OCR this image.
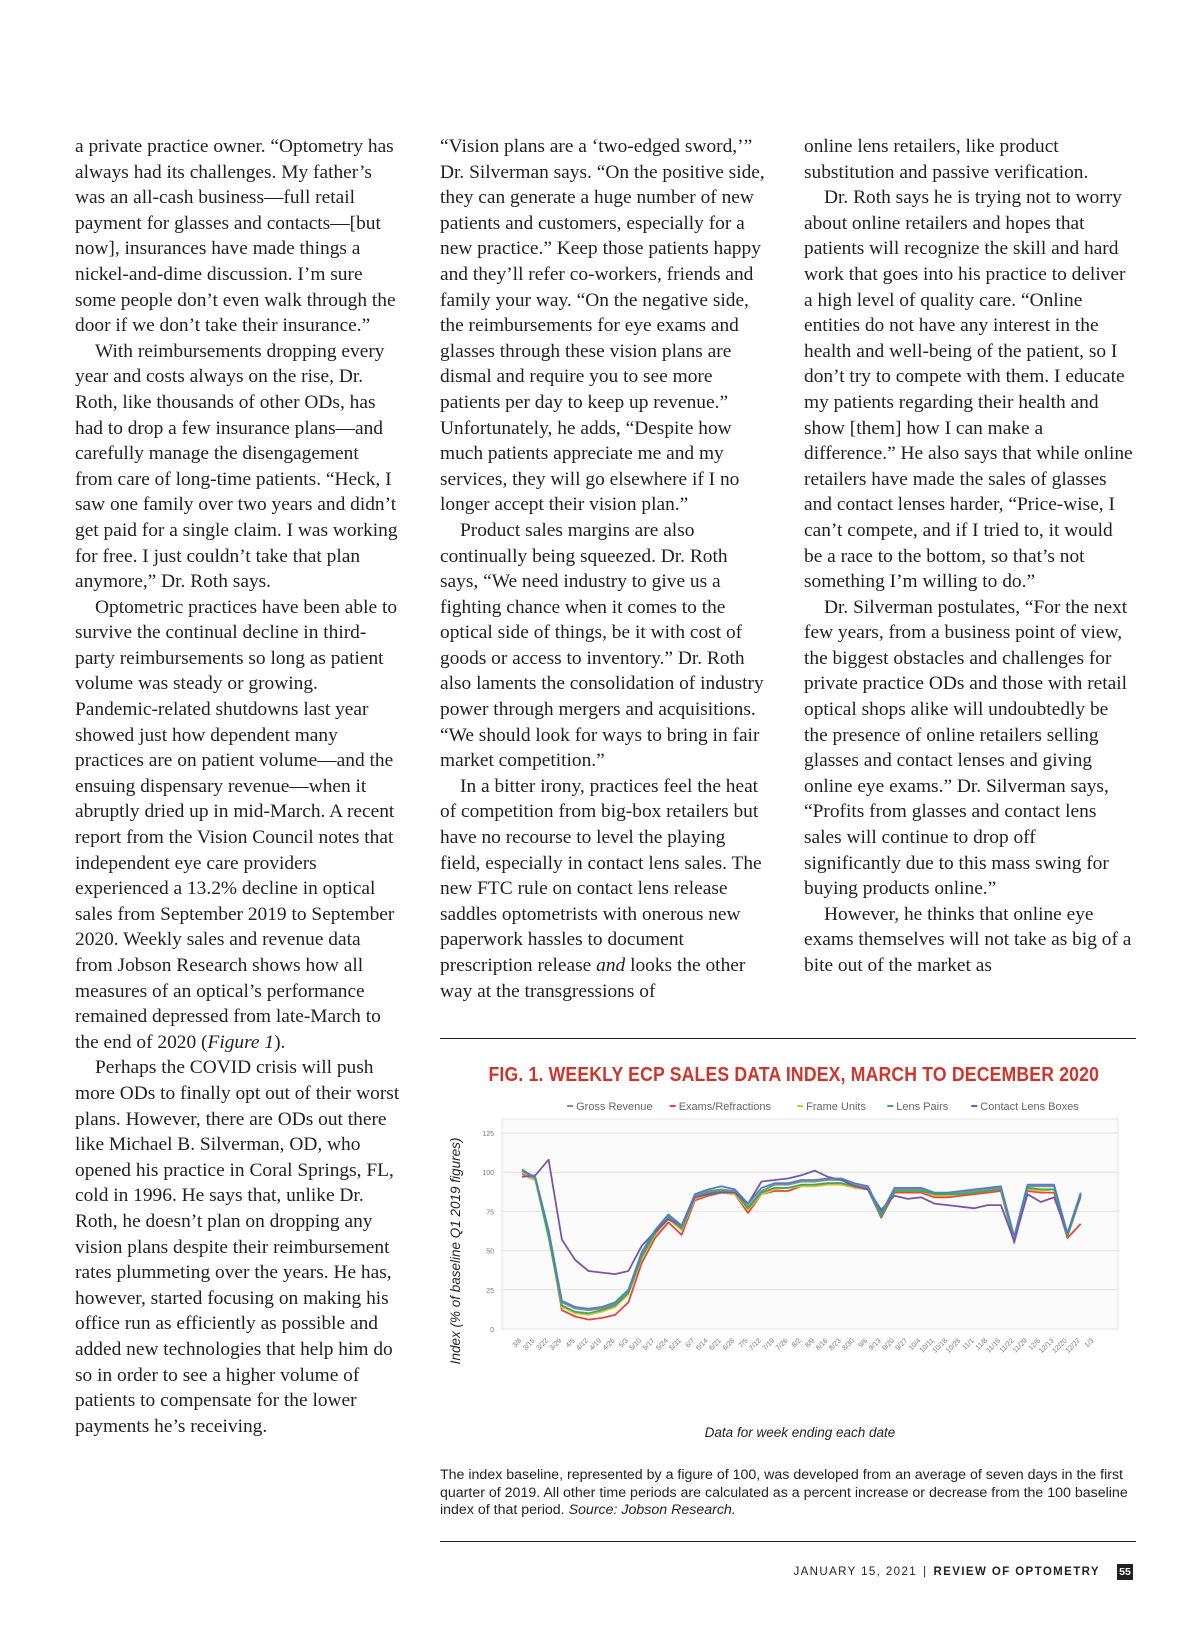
a private practice owner. “Optometry has always had its challenges. My father’s was an all-cash business—full retail payment for glasses and contacts—[but now], insurances have made things a nickel-and-dime discussion. I’m sure some people don’t even walk through the door if we don’t take their insurance.”

With reimbursements dropping every year and costs always on the rise, Dr. Roth, like thousands of other ODs, has had to drop a few insurance plans—and carefully manage the disengagement from care of long-time patients. “Heck, I saw one family over two years and didn’t get paid for a single claim. I was working for free. I just couldn’t take that plan anymore,” Dr. Roth says.

Optometric practices have been able to survive the continual decline in third-party reimbursements so long as patient volume was steady or growing. Pandemic-related shutdowns last year showed just how dependent many practices are on patient volume—and the ensuing dispensary revenue—when it abruptly dried up in mid-March. A recent report from the Vision Council notes that independent eye care providers experienced a 13.2% decline in optical sales from September 2019 to September 2020. Weekly sales and revenue data from Jobson Research shows how all measures of an optical’s performance remained depressed from late-March to the end of 2020 (Figure 1).

Perhaps the COVID crisis will push more ODs to finally opt out of their worst plans. However, there are ODs out there like Michael B. Silverman, OD, who opened his practice in Coral Springs, FL, cold in 1996. He says that, unlike Dr. Roth, he doesn’t plan on dropping any vision plans despite their reimbursement rates plummeting over the years. He has, however, started focusing on making his office run as efficiently as possible and added new technologies that help him do so in order to see a higher volume of patients to compensate for the lower payments he’s receiving.

“Vision plans are a ‘two-edged sword,’” Dr. Silverman says. “On the positive side, they can generate a huge number of new patients and customers, especially for a new practice.” Keep those patients happy and they’ll refer co-workers, friends and family your way. “On the negative side, the reimbursements for eye exams and glasses through these vision plans are dismal and require you to see more patients per day to keep up revenue.” Unfortunately, he adds, “Despite how much patients appreciate me and my services, they will go elsewhere if I no longer accept their vision plan.”

Product sales margins are also continually being squeezed. Dr. Roth says, “We need industry to give us a fighting chance when it comes to the optical side of things, be it with cost of goods or access to inventory.” Dr. Roth also laments the consolidation of industry power through mergers and acquisitions. “We should look for ways to bring in fair market competition.”

In a bitter irony, practices feel the heat of competition from big-box retailers but have no recourse to level the playing field, especially in contact lens sales. The new FTC rule on contact lens release saddles optometrists with onerous new paperwork hassles to document prescription release and looks the other way at the transgressions of

online lens retailers, like product substitution and passive verification.

Dr. Roth says he is trying not to worry about online retailers and hopes that patients will recognize the skill and hard work that goes into his practice to deliver a high level of quality care. “Online entities do not have any interest in the health and well-being of the patient, so I don’t try to compete with them. I educate my patients regarding their health and show [them] how I can make a difference.” He also says that while online retailers have made the sales of glasses and contact lenses harder, “Price-wise, I can’t compete, and if I tried to, it would be a race to the bottom, so that’s not something I’m willing to do.”

Dr. Silverman postulates, “For the next few years, from a business point of view, the biggest obstacles and challenges for private practice ODs and those with retail optical shops alike will undoubtedly be the presence of online retailers selling glasses and contact lenses and giving online eye exams.” Dr. Silverman says, “Profits from glasses and contact lens sales will continue to drop off significantly due to this mass swing for buying products online.”

However, he thinks that online eye exams themselves will not take as big of a bite out of the market as

FIG. 1. WEEKLY ECP SALES DATA INDEX, MARCH TO DECEMBER 2020
Gross Revenue Exams/Refractions	Frame Units	Lens Pairs	Contact Lens Boxes
0
25
50
75
100
125
3/8
3/15
3/22
3/29 4/5
4/12
4/19
4/26 5/3
5/10
5/17
5/24
5/31 6/7
6/14
6/21
6/28 7/5
7/12
7/19
7/26 8/2 8/9
8/16
8/23
8/30 9/6
9/13
9/20
9/27
10/4
10/11
10/18
10/25 11/1 11/8
11/15
11/22
11/29
12/6
12/13
12/20
12/27 1/3
Index (% of baseline Q1 2019 figures)
Data for week ending each date
The index baseline, represented by a figure of 100, was developed from an average of seven days in the first quarter of 2019. All other time periods are calculated as a percent increase or decrease from the 100 baseline index of that period. Source: Jobson Research.
JANUARY 15, 2021 | REVIEW OF OPTOMETRY 55
